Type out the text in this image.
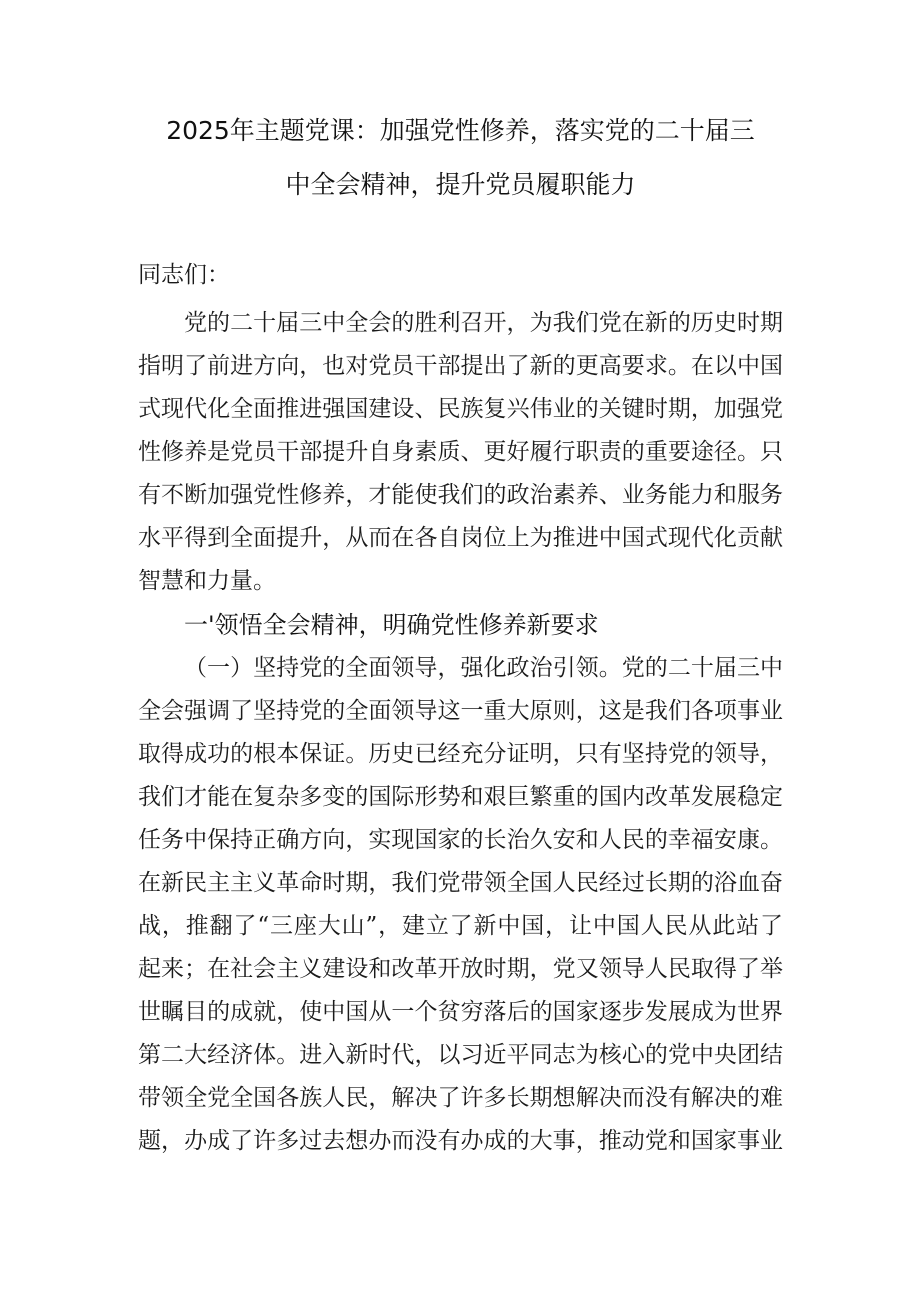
2025年主题党课：加强党性修养，落实党的二十届三
中全会精神，提升党员履职能力
同志们：
党的二十届三中全会的胜利召开，为我们党在新的历史时期
指明了前进方向，也对党员干部提出了新的更高要求。在以中国
式现代化全面推进强国建设、民族复兴伟业的关键时期，加强党
性修养是党员干部提升自身素质、更好履行职责的重要途径。只
有不断加强党性修养，才能使我们的政治素养、业务能力和服务
水平得到全面提升，从而在各自岗位上为推进中国式现代化贡献
智慧和力量。
一'领悟全会精神，明确党性修养新要求
（一）坚持党的全面领导，强化政治引领。党的二十届三中
全会强调了坚持党的全面领导这一重大原则，这是我们各项事业
取得成功的根本保证。历史已经充分证明，只有坚持党的领导，
我们才能在复杂多变的国际形势和艰巨繁重的国内改革发展稳定
任务中保持正确方向，实现国家的长治久安和人民的幸福安康。
在新民主主义革命时期，我们党带领全国人民经过长期的浴血奋
战，推翻了“三座大山”，建立了新中国，让中国人民从此站了
起来；在社会主义建设和改革开放时期，党又领导人民取得了举
世瞩目的成就，使中国从一个贫穷落后的国家逐步发展成为世界
第二大经济体。进入新时代，以习近平同志为核心的党中央团结
带领全党全国各族人民，解决了许多长期想解决而没有解决的难
题，办成了许多过去想办而没有办成的大事，推动党和国家事业
